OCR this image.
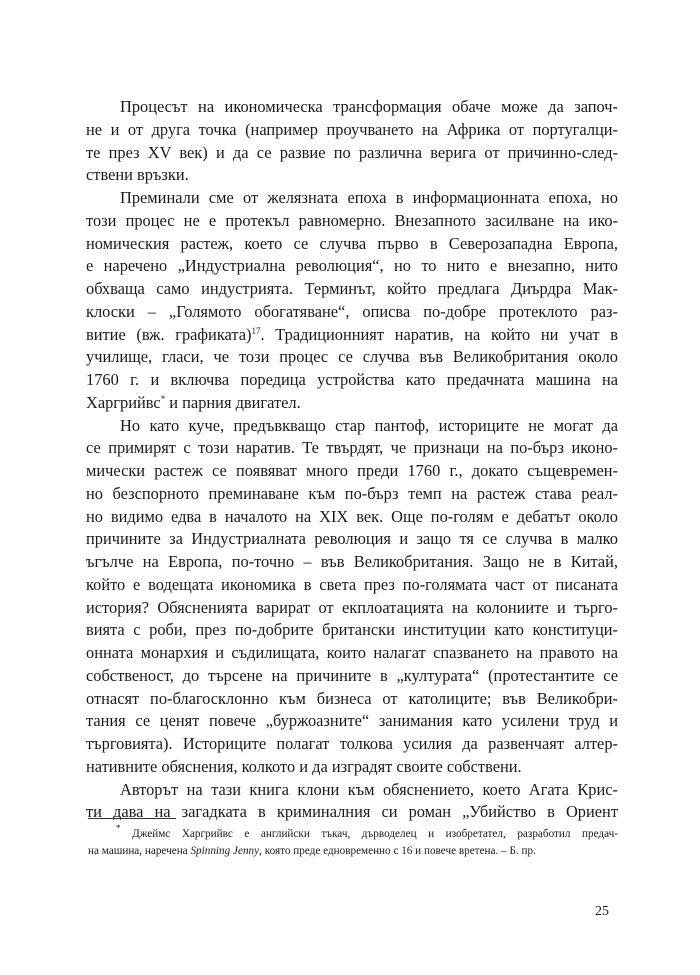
Процесът на икономическа трансформация обаче може да започ-
не и от друга точка (например проучването на Африка от португалци-
те през XV век) и да се развие по различна верига от причинно-след-
ствени връзки.
Преминали сме от желязната епоха в информационната епоха, но
този процес не е протекъл равномерно. Внезапното засилване на ико-
номическия растеж, което се случва първо в Северозападна Европа,
е наречено „Индустриална революция“, но то нито е внезапно, нито
обхваща само индустрията. Терминът, който предлага Диърдра Мак-
клоски – „Голямото обогатяване“, описва по-добре протеклото раз-
витие (вж. графиката)$^{17}$. Традиционният наратив, на който ни учат в
училище, гласи, че този процес се случва във Великобритания около
1760 г. и включва поредица устройства като предачната машина на
Харгрийвс* и парния двигател.
Но като куче, предъвкващо стар пантоф, историците не могат да
се примирят с този наратив. Те твърдят, че признаци на по-бърз иконо-
мически растеж се появяват много преди 1760 г., докато същевремен-
но безспорното преминаване към по-бърз темп на растеж става реал-
но видимо едва в началото на XIX век. Още по-голям е дебатът около
причините за Индустриалната революция и защо тя се случва в малко
ъгълче на Европа, по-точно – във Великобритания. Защо не в Китай,
който е водещата икономика в света през по-голямата част от писаната
история? Обясненията варират от екплоатацията на колониите и търго-
вията с роби, през по-добрите британски институции като конституци-
онната монархия и съдилищата, които налагат спазването на правото на
собственост, до търсене на причините в „културата“ (протестантите се
отнасят по-благосклонно към бизнеса от католиците; във Великобри-
тания се ценят повече „буржоазните“ занимания като усилени труд и
търговията). Историците полагат толкова усилия да развенчаят алтер-
нативните обяснения, колкото и да изградят своите собствени.
Авторът на тази книга клони към обяснението, което Агата Крис-
ти дава на загадката в криминалния си роман „Убийство в Ориент
* Джеймс Харгрийвс е английски тъкач, дърводелец и изобретател, разработил предач-
на машина, наречена Spinning Jenny, която преде едновременно с 16 и повече вретена. – Б. пр.
25
